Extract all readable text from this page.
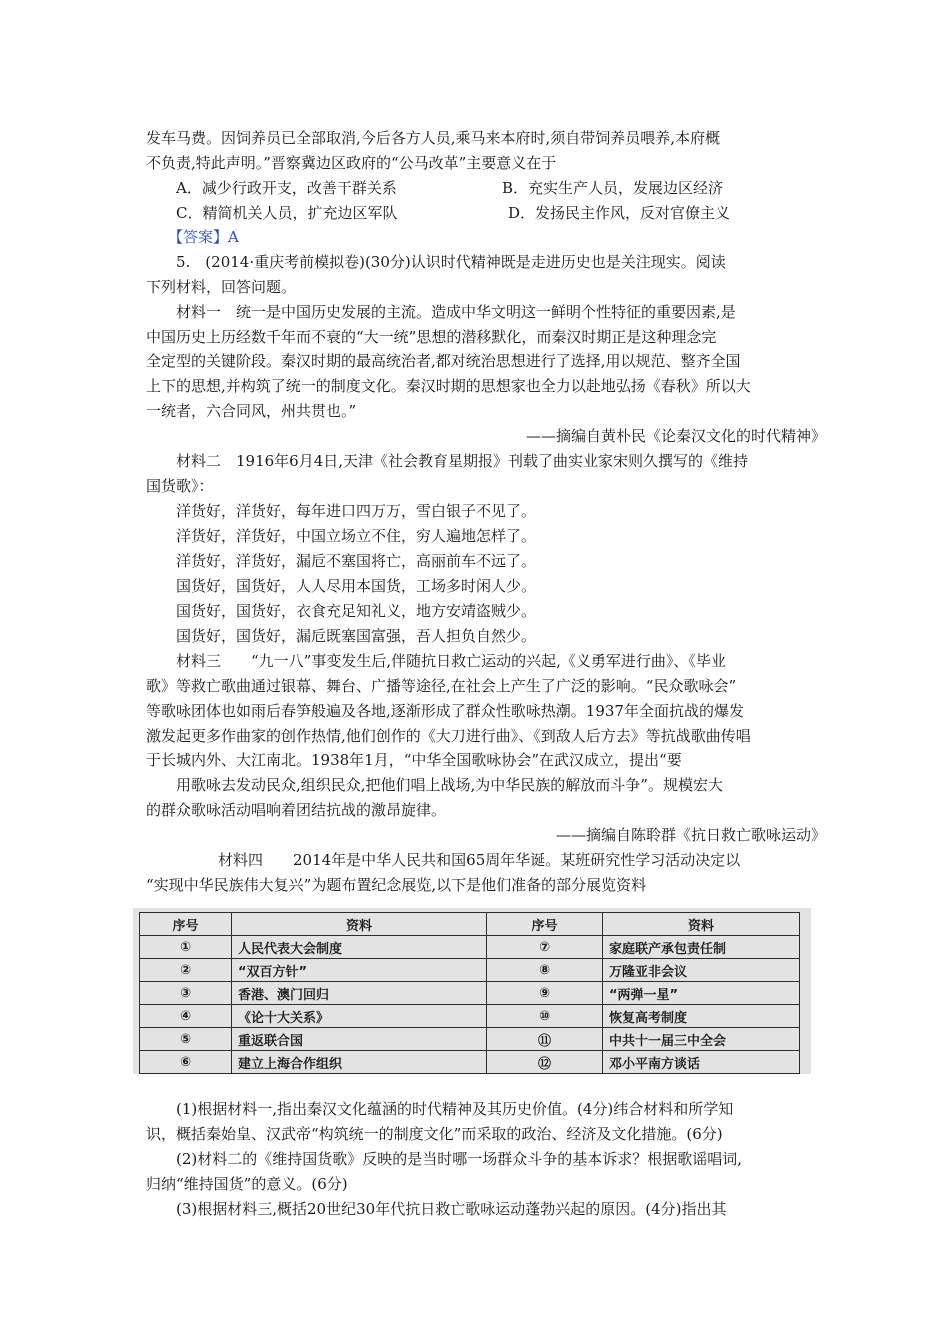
发车马费。因饲养员已全部取消,今后各方人员,乘马来本府时,须自带饲养员喂养,本府概
不负责,特此声明。”晋察冀边区政府的“公马改革”主要意义在于
A．减少行政开支，改善干群关系	B．充实生产人员，发展边区经济
C．精简机关人员，扩充边区军队	D．发扬民主作风，反对官僚主义
【答案】A
5.　(2014·重庆考前模拟卷)(30分)认识时代精神既是走进历史也是关注现实。阅读
下列材料，回答问题。
材料一　统一是中国历史发展的主流。造成中华文明这一鲜明个性特征的重要因素,是
中国历史上历经数千年而不衰的“大一统”思想的潜移默化，而秦汉时期正是这种理念完
全定型的关键阶段。秦汉时期的最高统治者,都对统治思想进行了选择,用以规范、整齐全国
上下的思想,并构筑了统一的制度文化。秦汉时期的思想家也全力以赴地弘扬《春秋》所以大
一统者，六合同风，州共贯也。”
——摘编自黄朴民《论秦汉文化的时代精神》
材料二　1916年6月4日,天津《社会教育星期报》刊载了曲实业家宋则久撰写的《维持
国货歌》：
洋货好，洋货好，每年进口四万万，雪白银子不见了。
洋货好，洋货好，中国立场立不住，穷人遍地怎样了。
洋货好，洋货好，漏卮不塞国将亡，高丽前车不远了。
国货好，国货好，人人尽用本国货，工场多时闲人少。
国货好，国货好，衣食充足知礼义，地方安靖盗贼少。
国货好，国货好，漏卮既塞国富强，吾人担负自然少。
材料三　　“九一八”事变发生后,伴随抗日救亡运动的兴起,《义勇军进行曲》、《毕业
歌》等救亡歌曲通过银幕、舞台、广播等途径,在社会上产生了广泛的影响。“民众歌咏会”
等歌咏团体也如雨后春笋般遍及各地,逐渐形成了群众性歌咏热潮。1937年全面抗战的爆发
激发起更多作曲家的创作热情,他们创作的《大刀进行曲》、《到敌人后方去》等抗战歌曲传唱
于长城内外、大江南北。1938年1月，“中华全国歌咏协会”在武汉成立，提出“要
用歌咏去发动民众,组织民众,把他们唱上战场,为中华民族的解放而斗争”。规模宏大
的群众歌咏活动唱响着团结抗战的激昂旋律。
——摘编自陈聆群《抗日救亡歌咏运动》
材料四　　2014年是中华人民共和国65周年华诞。某班研究性学习活动决定以
“实现中华民族伟大复兴”为题布置纪念展览,以下是他们准备的部分展览资料
序号	资料	序号	资料
①	人民代表大会制度	⑦	家庭联产承包责任制
②	“双百方针”	⑧	万隆亚非会议
③	香港、澳门回归	⑨	“两弹一星”
④	《论十大关系》	⑩	恢复高考制度
⑤	重返联合国	⑪	中共十一届三中全会
⑥	建立上海合作组织	⑫	邓小平南方谈话
(1)根据材料一,指出秦汉文化蕴涵的时代精神及其历史价值。(4分)纬合材料和所学知
识，概括秦始皇、汉武帝“构筑统一的制度文化”而采取的政治、经济及文化措施。(6分)
(2)材料二的《维持国货歌》反映的是当时哪一场群众斗争的基本诉求？根据歌谣唱词,
归纳“维持国货”的意义。(6分)
(3)根据材料三,概括20世纪30年代抗日救亡歌咏运动蓬勃兴起的原因。(4分)指出其
